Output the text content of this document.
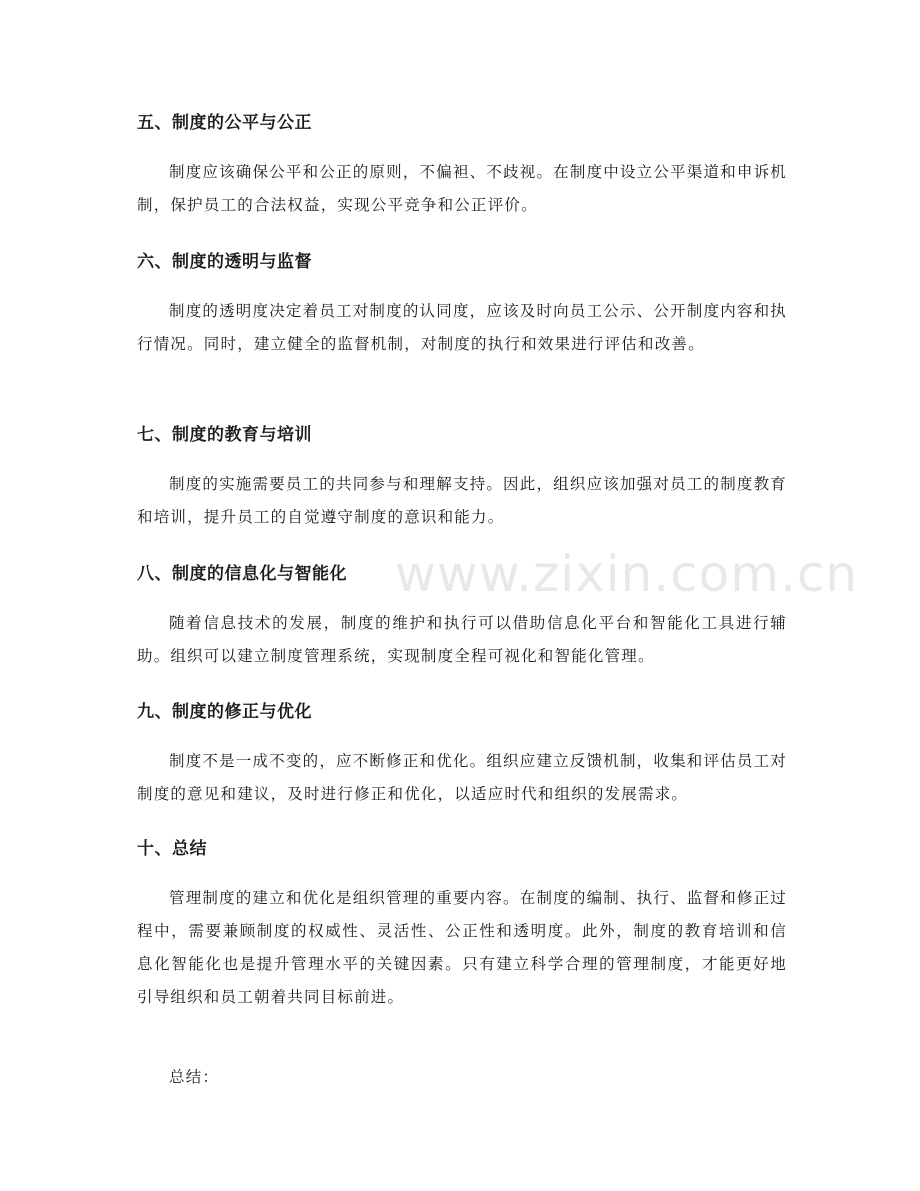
www.zixin.com.cn
五、制度的公平与公正

制度应该确保公平和公正的原则，不偏袒、不歧视。在制度中设立公平渠道和申诉机制，保护员工的合法权益，实现公平竞争和公正评价。

六、制度的透明与监督

制度的透明度决定着员工对制度的认同度，应该及时向员工公示、公开制度内容和执行情况。同时，建立健全的监督机制，对制度的执行和效果进行评估和改善。

七、制度的教育与培训

制度的实施需要员工的共同参与和理解支持。因此，组织应该加强对员工的制度教育和培训，提升员工的自觉遵守制度的意识和能力。

八、制度的信息化与智能化

随着信息技术的发展，制度的维护和执行可以借助信息化平台和智能化工具进行辅助。组织可以建立制度管理系统，实现制度全程可视化和智能化管理。

九、制度的修正与优化

制度不是一成不变的，应不断修正和优化。组织应建立反馈机制，收集和评估员工对制度的意见和建议，及时进行修正和优化，以适应时代和组织的发展需求。

十、总结

管理制度的建立和优化是组织管理的重要内容。在制度的编制、执行、监督和修正过程中，需要兼顾制度的权威性、灵活性、公正性和透明度。此外，制度的教育培训和信息化智能化也是提升管理水平的关键因素。只有建立科学合理的管理制度，才能更好地引导组织和员工朝着共同目标前进。

总结：
